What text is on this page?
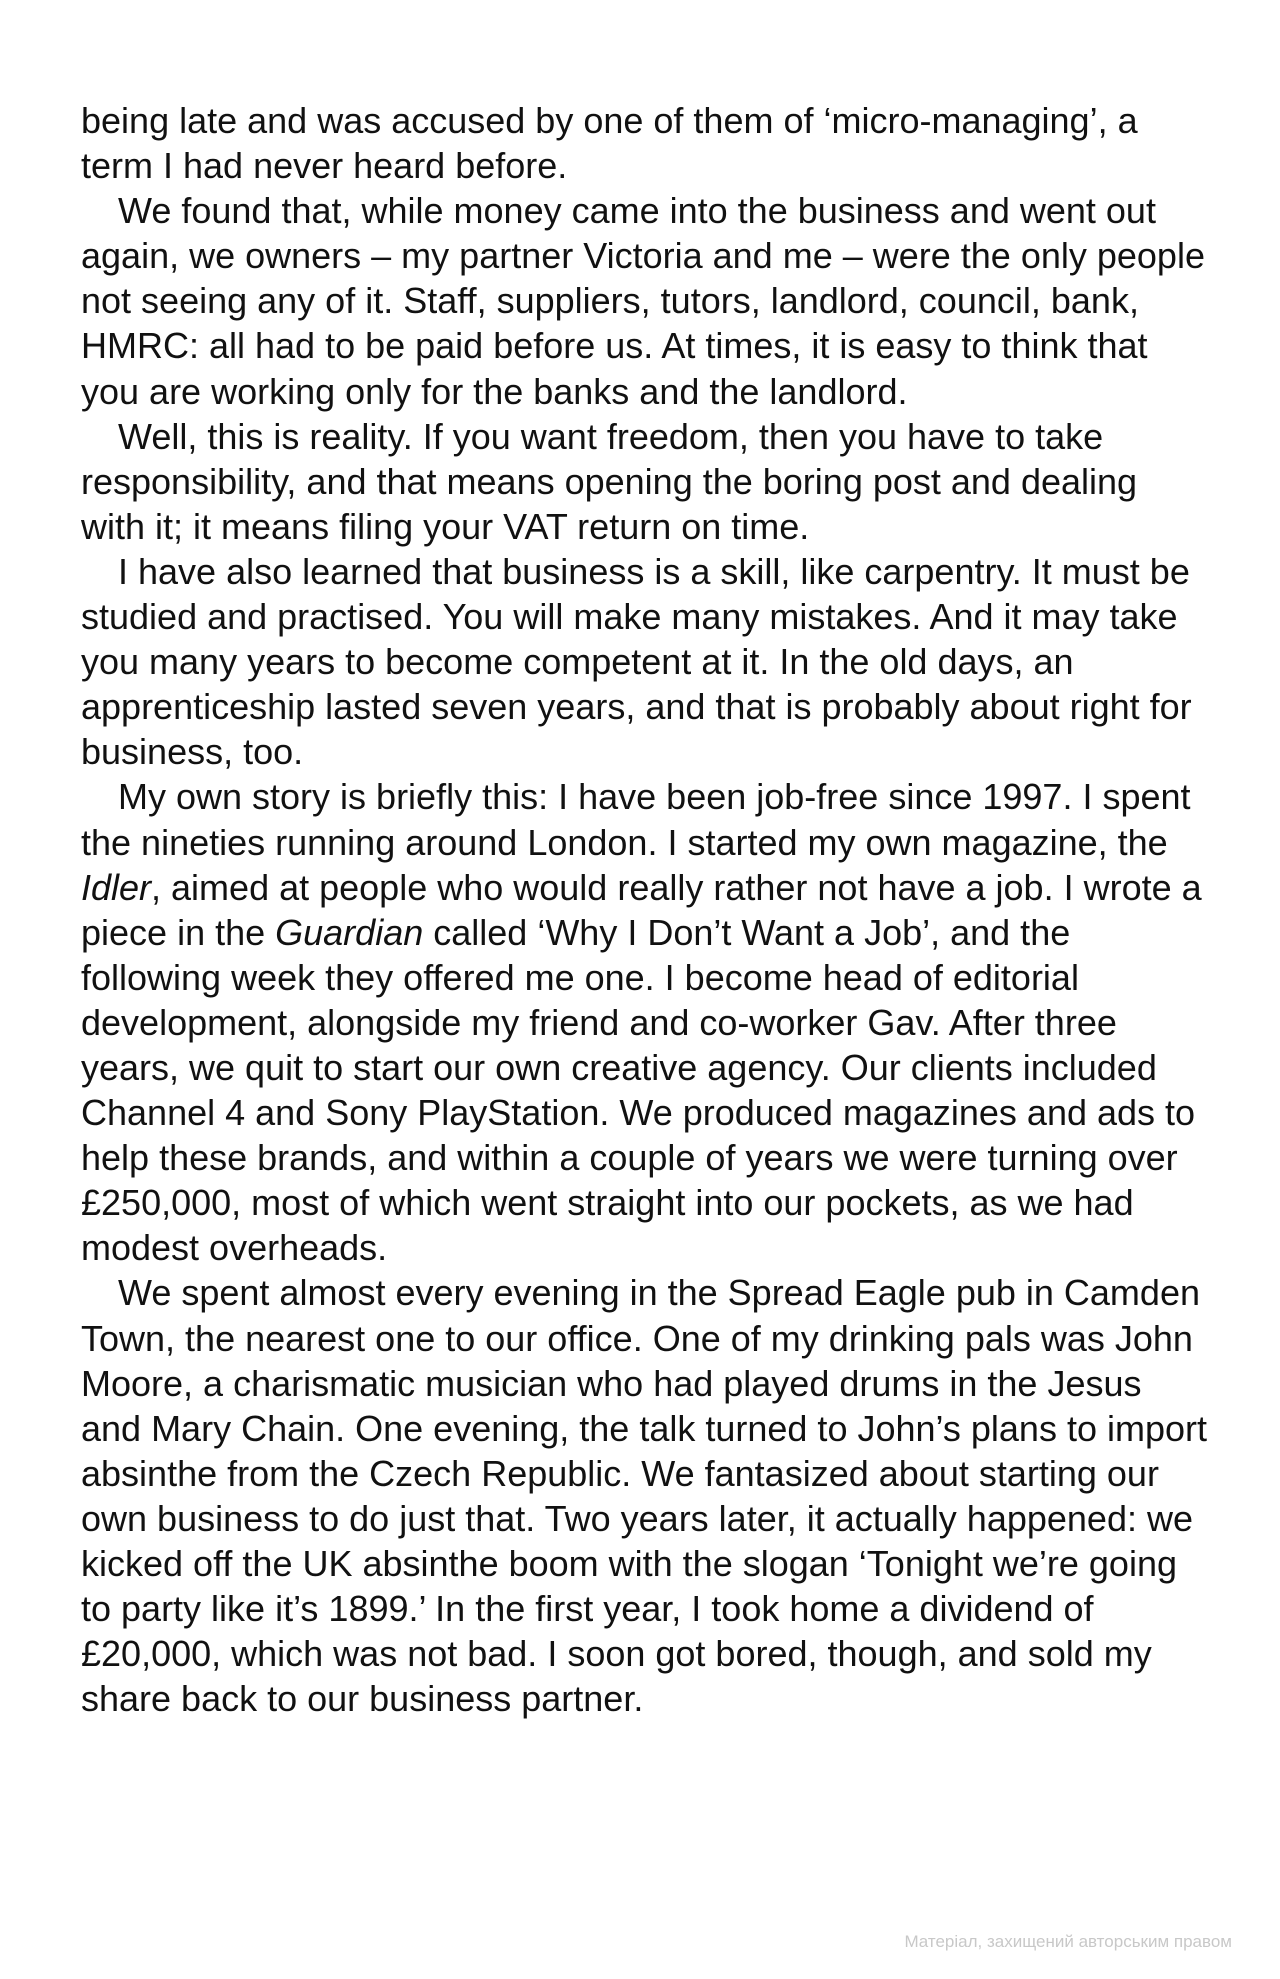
being late and was accused by one of them of ‘micro-managing’, a term I had never heard before.

We found that, while money came into the business and went out again, we owners – my partner Victoria and me – were the only people not seeing any of it. Staff, suppliers, tutors, landlord, council, bank, HMRC: all had to be paid before us. At times, it is easy to think that you are working only for the banks and the landlord.

Well, this is reality. If you want freedom, then you have to take responsibility, and that means opening the boring post and dealing with it; it means filing your VAT return on time.

I have also learned that business is a skill, like carpentry. It must be studied and practised. You will make many mistakes. And it may take you many years to become competent at it. In the old days, an apprenticeship lasted seven years, and that is probably about right for business, too.

My own story is briefly this: I have been job-free since 1997. I spent the nineties running around London. I started my own magazine, the Idler, aimed at people who would really rather not have a job. I wrote a piece in the Guardian called ‘Why I Don’t Want a Job’, and the following week they offered me one. I become head of editorial development, alongside my friend and co-worker Gav. After three years, we quit to start our own creative agency. Our clients included Channel 4 and Sony PlayStation. We produced magazines and ads to help these brands, and within a couple of years we were turning over £250,000, most of which went straight into our pockets, as we had modest overheads.

We spent almost every evening in the Spread Eagle pub in Camden Town, the nearest one to our office. One of my drinking pals was John Moore, a charismatic musician who had played drums in the Jesus and Mary Chain. One evening, the talk turned to John’s plans to import absinthe from the Czech Republic. We fantasized about starting our own business to do just that. Two years later, it actually happened: we kicked off the UK absinthe boom with the slogan ‘Tonight we’re going to party like it’s 1899.’ In the first year, I took home a dividend of £20,000, which was not bad. I soon got bored, though, and sold my share back to our business partner.

Матеріал, захищений авторським правом
